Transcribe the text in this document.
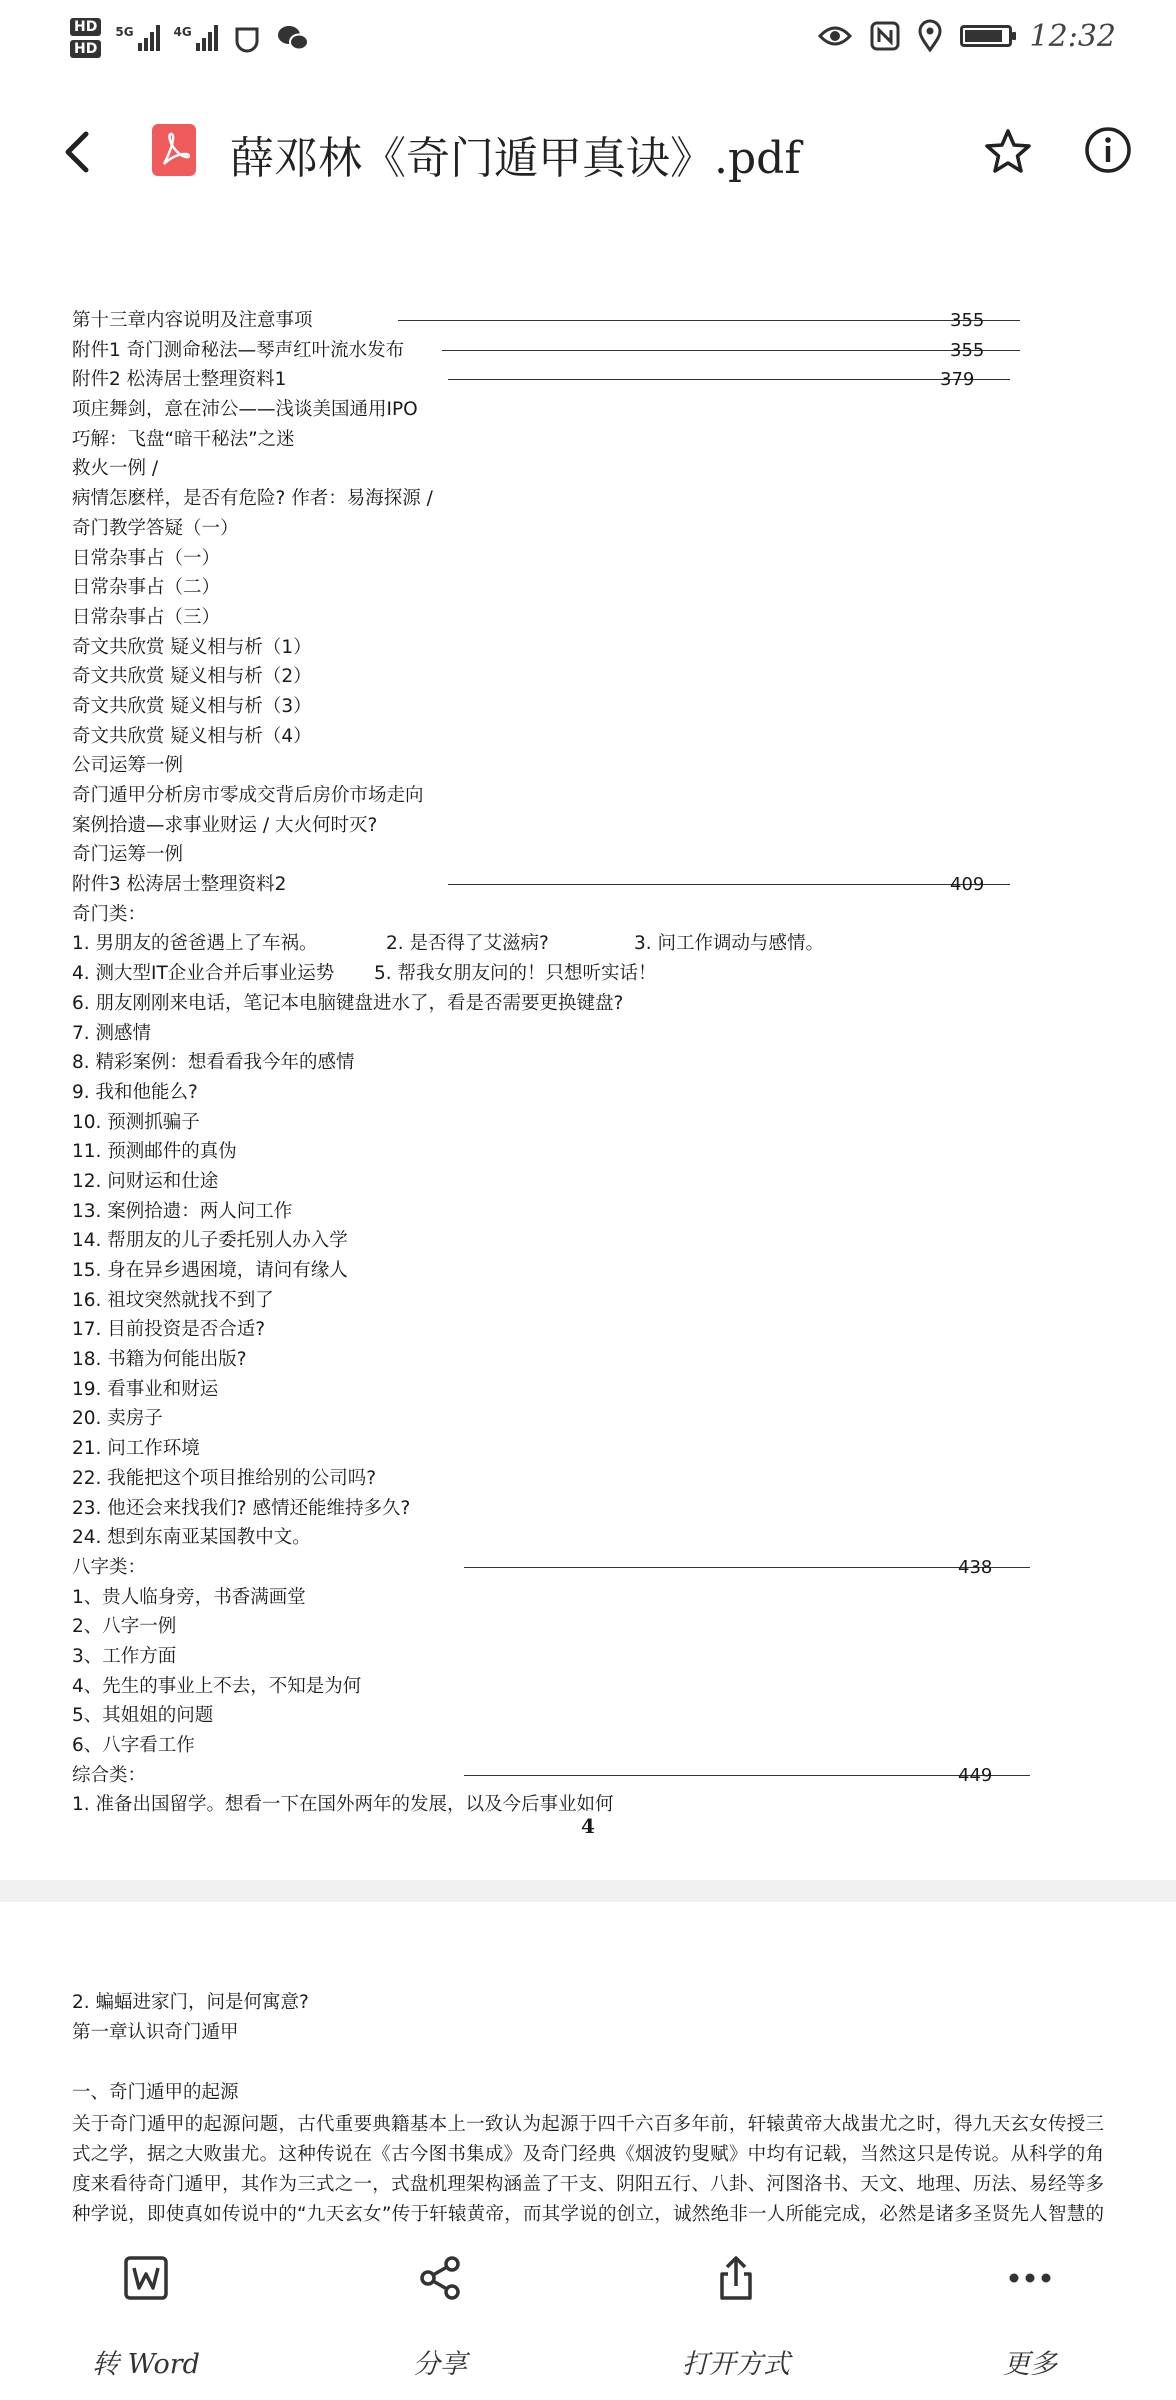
HD
HD
5G	4G	12:32
薛邓林《奇门遁甲真诀》.pdf
第十三章内容说明及注意事项	355
附件1 奇门测命秘法—琴声红叶流水发布	355
附件2 松涛居士整理资料1	379
项庄舞剑，意在沛公——浅谈美国通用IPO
巧解：飞盘“暗干秘法”之迷
救火一例 /
病情怎麽样，是否有危险? 作者：易海探源 /
奇门教学答疑（一）
日常杂事占（一）
日常杂事占（二）
日常杂事占（三）
奇文共欣赏 疑义相与析（1）
奇文共欣赏 疑义相与析（2）
奇文共欣赏 疑义相与析（3）
奇文共欣赏 疑义相与析（4）
公司运筹一例
奇门遁甲分析房市零成交背后房价市场走向
案例拾遗—求事业财运 / 大火何时灭?
奇门运筹一例
附件3 松涛居士整理资料2	409
奇门类：
1. 男朋友的爸爸遇上了车祸。	2. 是否得了艾滋病?	3. 问工作调动与感情。
4. 测大型IT企业合并后事业运势 5. 帮我女朋友问的！只想听实话！
6. 朋友刚刚来电话，笔记本电脑键盘进水了，看是否需要更换键盘?
7. 测感情
8. 精彩案例：想看看我今年的感情
9. 我和他能么?
10. 预测抓骗子
11. 预测邮件的真伪
12. 问财运和仕途
13. 案例拾遗：两人问工作
14. 帮朋友的儿子委托别人办入学
15. 身在异乡遇困境，请问有缘人
16. 祖坟突然就找不到了
17. 目前投资是否合适?
18. 书籍为何能出版?
19. 看事业和财运
20. 卖房子
21. 问工作环境
22. 我能把这个项目推给别的公司吗?
23. 他还会来找我们? 感情还能维持多久?
24. 想到东南亚某国教中文。
八字类：	438
1、贵人临身旁，书香满画堂
2、八字一例
3、工作方面
4、先生的事业上不去，不知是为何
5、其姐姐的问题
6、八字看工作
综合类：	449
1. 准备出国留学。想看一下在国外两年的发展，以及今后事业如何
4
2. 蝙蝠进家门，问是何寓意?
第一章认识奇门遁甲
一、奇门遁甲的起源
关于奇门遁甲的起源问题，古代重要典籍基本上一致认为起源于四千六百多年前，轩辕黄帝大战蚩尤之时，得九天玄女传授三式之学，据之大败蚩尤。这种传说在《古今图书集成》及奇门经典《烟波钓叟赋》中均有记载，当然这只是传说。从科学的角度来看待奇门遁甲，其作为三式之一，式盘机理架构涵盖了干支、阴阳五行、八卦、河图洛书、天文、地理、历法、易经等多种学说，即使真如传说中的“九天玄女”传于轩辕黄帝，而其学说的创立，诚然绝非一人所能完成，必然是诸多圣贤先人智慧的
转 Word	分享	打开方式	更多
